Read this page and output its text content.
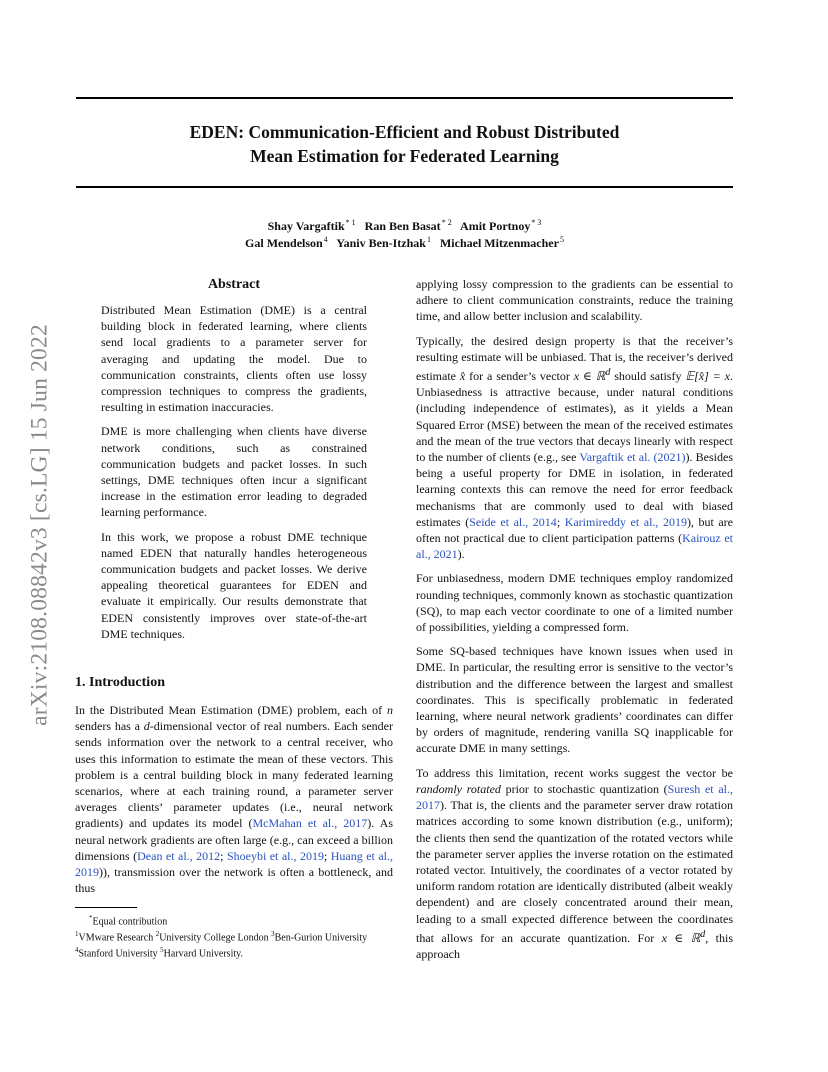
EDEN: Communication-Efficient and Robust Distributed
Mean Estimation for Federated Learning
Shay Vargaftik $^{* 1}$ Ran Ben Basat $^{* 2}$ Amit Portnoy $^{* 3}$
Gal Mendelson $^4$ Yaniv Ben-Itzhak $^1$ Michael Mitzenmacher $^5$
arXiv:2108.08842v3 [cs.LG] 15 Jun 2022
Abstract

Distributed Mean Estimation (DME) is a central building block in federated learning, where clients send local gradients to a parameter server for averaging and updating the model. Due to communication constraints, clients often use lossy compression techniques to compress the gradients, resulting in estimation inaccuracies.

DME is more challenging when clients have diverse network conditions, such as constrained communication budgets and packet losses. In such settings, DME techniques often incur a significant increase in the estimation error leading to degraded learning performance.

In this work, we propose a robust DME technique named EDEN that naturally handles heterogeneous communication budgets and packet losses. We derive appealing theoretical guarantees for EDEN and evaluate it empirically. Our results demonstrate that EDEN consistently improves over state-of-the-art DME techniques.

1. Introduction

In the Distributed Mean Estimation (DME) problem, each of n senders has a d-dimensional vector of real numbers. Each sender sends information over the network to a central receiver, who uses this information to estimate the mean of these vectors. This problem is a central building block in many federated learning scenarios, where at each training round, a parameter server averages clients’ parameter updates (i.e., neural network gradients) and updates its model (McMahan et al., 2017). As neural network gradients are often large (e.g., can exceed a billion dimensions (Dean et al., 2012; Shoeybi et al., 2019; Huang et al., 2019)), transmission over the network is often a bottleneck, and thus

*Equal contribution
$^1$VMware Research $^2$University College London $^3$Ben-Gurion University $^4$Stanford University $^5$Harvard University.

applying lossy compression to the gradients can be essential to adhere to client communication constraints, reduce the training time, and allow better inclusion and scalability.

Typically, the desired design property is that the receiver’s resulting estimate will be unbiased. That is, the receiver’s derived estimate x̂ for a sender’s vector x ∈ ℝ$^d$ should satisfy 𝔼[x̂] = x. Unbiasedness is attractive because, under natural conditions (including independence of estimates), as it yields a Mean Squared Error (MSE) between the mean of the received estimates and the mean of the true vectors that decays linearly with respect to the number of clients (e.g., see Vargaftik et al. (2021)). Besides being a useful property for DME in isolation, in federated learning contexts this can remove the need for error feedback mechanisms that are commonly used to deal with biased estimates (Seide et al., 2014; Karimireddy et al., 2019), but are often not practical due to client participation patterns (Kairouz et al., 2021).

For unbiasedness, modern DME techniques employ randomized rounding techniques, commonly known as stochastic quantization (SQ), to map each vector coordinate to one of a limited number of possibilities, yielding a compressed form.

Some SQ-based techniques have known issues when used in DME. In particular, the resulting error is sensitive to the vector’s distribution and the difference between the largest and smallest coordinates. This is specifically problematic in federated learning, where neural network gradients’ coordinates can differ by orders of magnitude, rendering vanilla SQ inapplicable for accurate DME in many settings.

To address this limitation, recent works suggest the vector be randomly rotated prior to stochastic quantization (Suresh et al., 2017). That is, the clients and the parameter server draw rotation matrices according to some known distribution (e.g., uniform); the clients then send the quantization of the rotated vectors while the parameter server applies the inverse rotation on the estimated rotated vector. Intuitively, the coordinates of a vector rotated by uniform random rotation are identically distributed (albeit weakly dependent) and are closely concentrated around their mean, leading to a small expected difference between the coordinates that allows for an accurate quantization. For x ∈ ℝ$^d$, this approach
